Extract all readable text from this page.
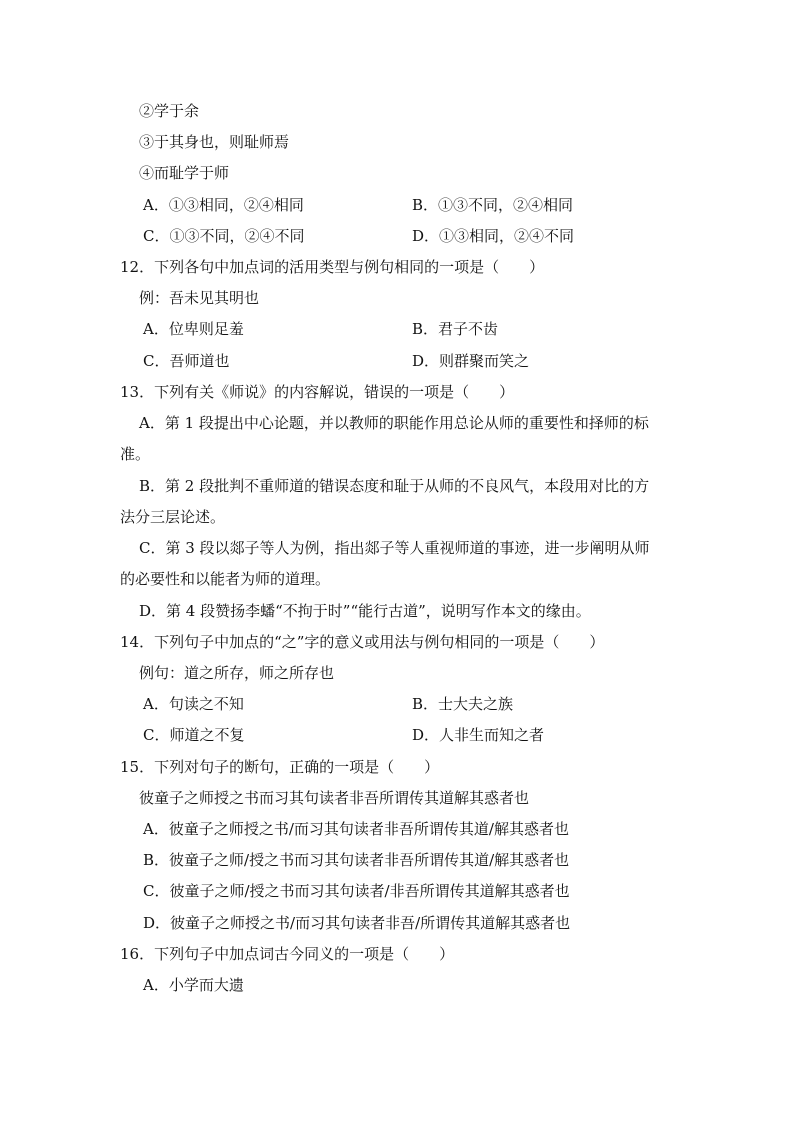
②学于余
③于其身也，则耻师焉
④而耻学于师
A．①③相同，②④相同	B．①③不同，②④相同
C．①③不同，②④不同	D．①③相同，②④不同
12．下列各句中加点词的活用类型与例句相同的一项是（　　）
例：吾未见其明也
A．位卑则足羞	B．君子不齿
C．吾师道也	D．则群聚而笑之
13．下列有关《师说》的内容解说，错误的一项是（　　）
A．第 1 段提出中心论题，并以教师的职能作用总论从师的重要性和择师的标
准。
B．第 2 段批判不重师道的错误态度和耻于从师的不良风气，本段用对比的方
法分三层论述。
C．第 3 段以郯子等人为例，指出郯子等人重视师道的事迹，进一步阐明从师
的必要性和以能者为师的道理。
D．第 4 段赞扬李蟠“不拘于时”“能行古道”，说明写作本文的缘由。
14．下列句子中加点的“之”字的意义或用法与例句相同的一项是（　　）
例句：道之所存，师之所存也
A．句读之不知	B．士大夫之族
C．师道之不复	D．人非生而知之者
15．下列对句子的断句，正确的一项是（　　）
彼童子之师授之书而习其句读者非吾所谓传其道解其惑者也
A．彼童子之师授之书/而习其句读者非吾所谓传其道/解其惑者也
B．彼童子之师/授之书而习其句读者非吾所谓传其道/解其惑者也
C．彼童子之师/授之书而习其句读者/非吾所谓传其道解其惑者也
D．彼童子之师授之书/而习其句读者非吾/所谓传其道解其惑者也
16．下列句子中加点词古今同义的一项是（　　）
A．小学而大遗
